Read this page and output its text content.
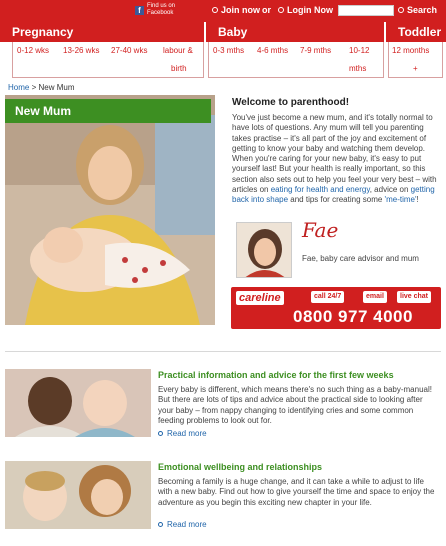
f	Find us on Facebook	Join now or Login Now	Search
Pregnancy
0-12 wks 13-26 wks 27-40 wks labour &
birth
Baby
0-3 mths 4-6 mths 7-9 mths 10-12
mths
Toddler
12 months
+
Home > New Mum
New Mum
Welcome to parenthood!
You've just become a new mum, and it's totally normal to have lots of questions. Any mum will tell you parenting takes practise – it's all part of the joy and excitement of getting to know your baby and watching them develop. When you're caring for your new baby, it's easy to put yourself last! But your health is really important, so this section also sets out to help you feel your very best – with articles on eating for health and energy, advice on getting back into shape and tips for creating some 'me-time'!
Fae
Fae, baby care advisor and mum
careline	call 24/7	email	live chat
0800 977 4000
Practical information and advice for the first few weeks
Every baby is different, which means there's no such thing as a baby-manual! But there are lots of tips and advice about the practical side to looking after your baby – from nappy changing to identifying cries and some common feeding problems to look out for.
Read more
Emotional wellbeing and relationships
Becoming a family is a huge change, and it can take a while to adjust to life with a new baby. Find out how to give yourself the time and space to enjoy the adventure as you begin this exciting new chapter in your life.
Read more
